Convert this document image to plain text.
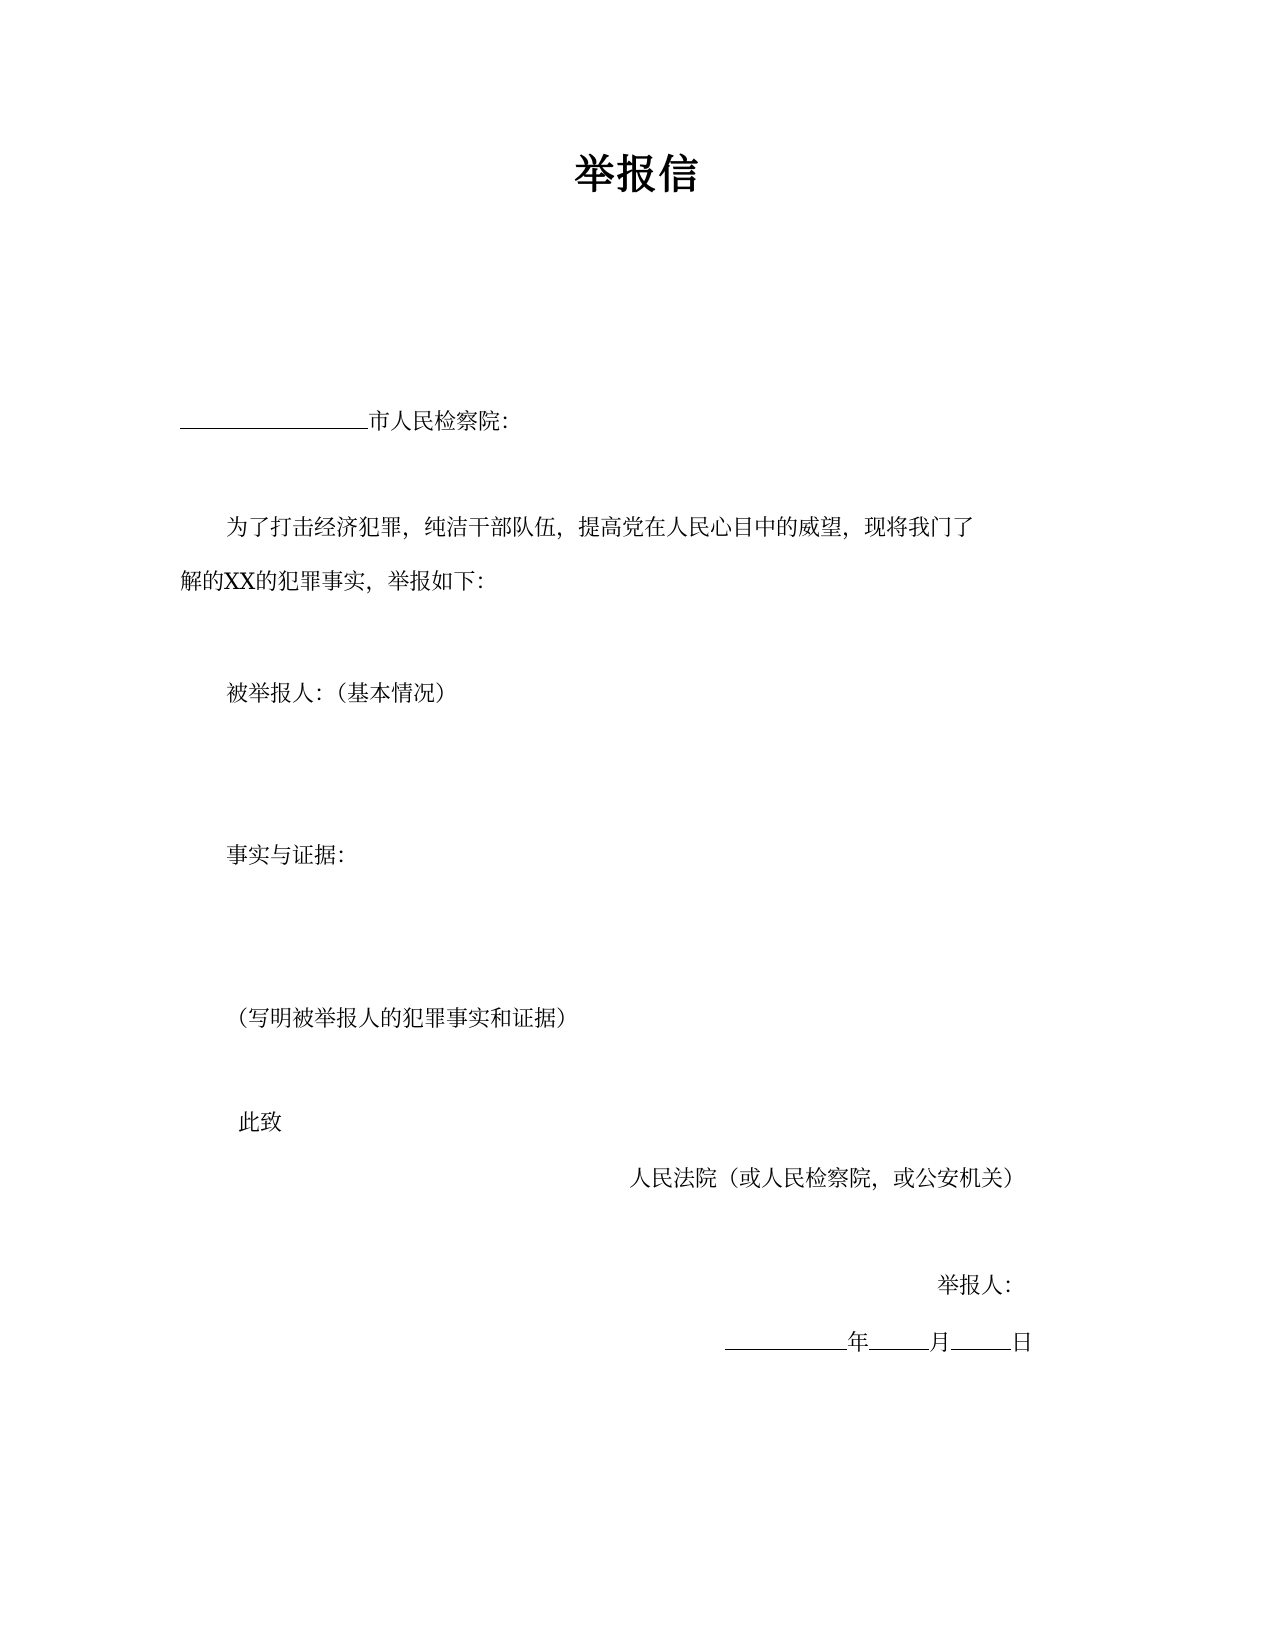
举报信
市人民检察院：
为了打击经济犯罪，纯洁干部队伍，提高党在人民心目中的威望，现将我门了
解的XX的犯罪事实，举报如下：
被举报人：（基本情况）
事实与证据：
（写明被举报人的犯罪事实和证据）
此致
人民法院（或人民检察院，或公安机关）
举报人：
年	月	日
